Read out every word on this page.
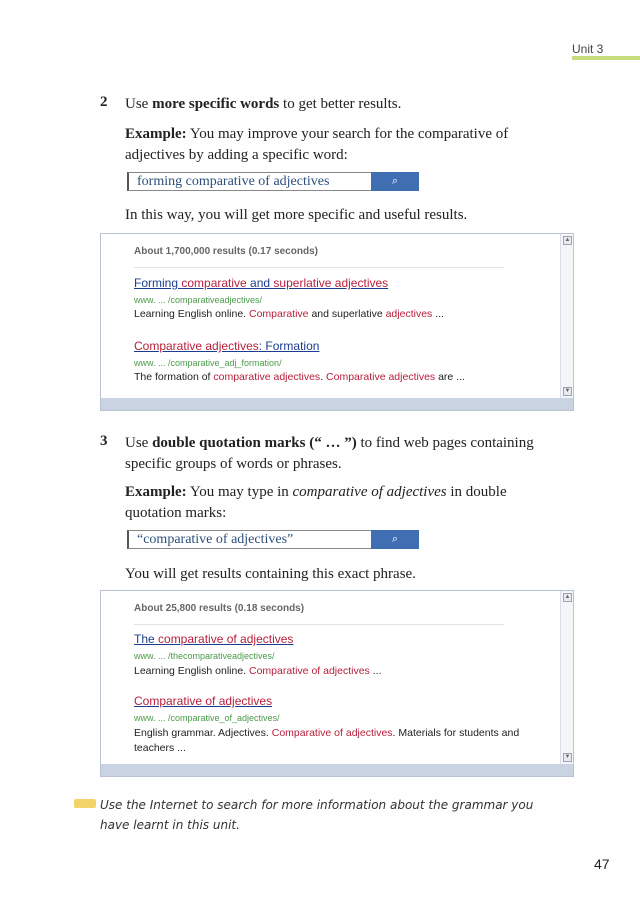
Unit 3
2 Use more specific words to get better results.
Example: You may improve your search for the comparative of adjectives by adding a specific word:
forming comparative of adjectives	⌕
In this way, you will get more specific and useful results.
About 1,700,000 results (0.17 seconds)
Forming comparative and superlative adjectives
www. ... /comparativeadjectives/
Learning English online. Comparative and superlative adjectives ...
Comparative adjectives: Formation
www. ... /comparative_adj_formation/
The formation of comparative adjectives. Comparative adjectives are ...
▲
▼
3 Use double quotation marks (“ … ”) to find web pages containing specific groups of words or phrases.
Example: You may type in comparative of adjectives in double quotation marks:
“comparative of adjectives”	⌕
You will get results containing this exact phrase.
About 25,800 results (0.18 seconds)
The comparative of adjectives
www. ... /thecomparativeadjectives/
Learning English online. Comparative of adjectives ...
Comparative of adjectives
www. ... /comparative_of_adjectives/
English grammar. Adjectives. Comparative of adjectives. Materials for students and teachers ...
▲
▼
Use the Internet to search for more information about the grammar you have learnt in this unit.
47
